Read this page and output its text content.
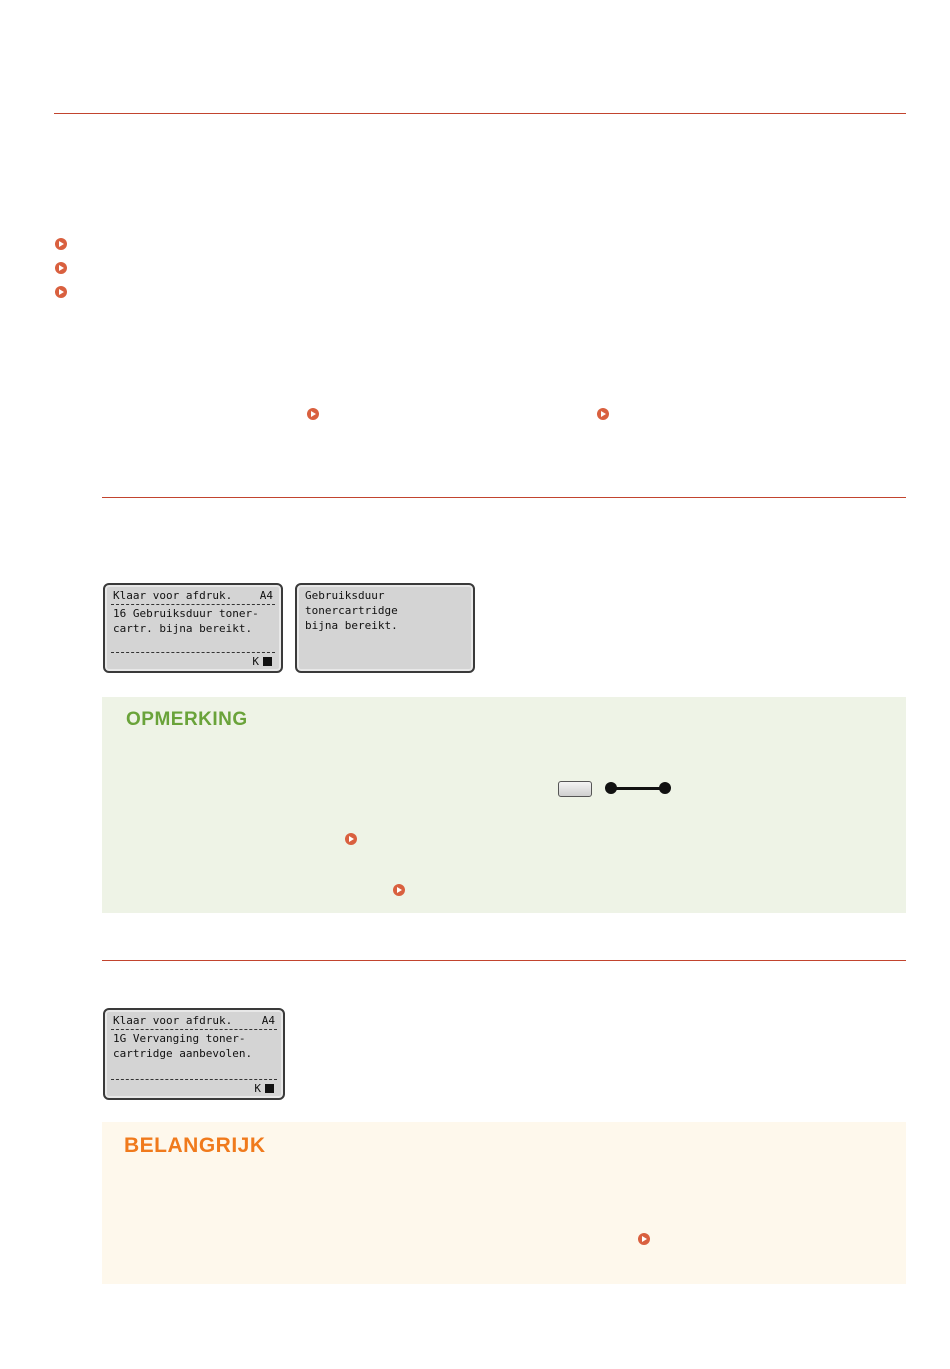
Klaar voor afdruk.	A4
16 Gebruiksduur toner-
cartr. bijna bereikt.
K
Gebruiksduur
tonercartridge
bijna bereikt.
OPMERKING
Klaar voor afdruk.	A4
1G Vervanging toner-
cartridge aanbevolen.
K
BELANGRIJK
